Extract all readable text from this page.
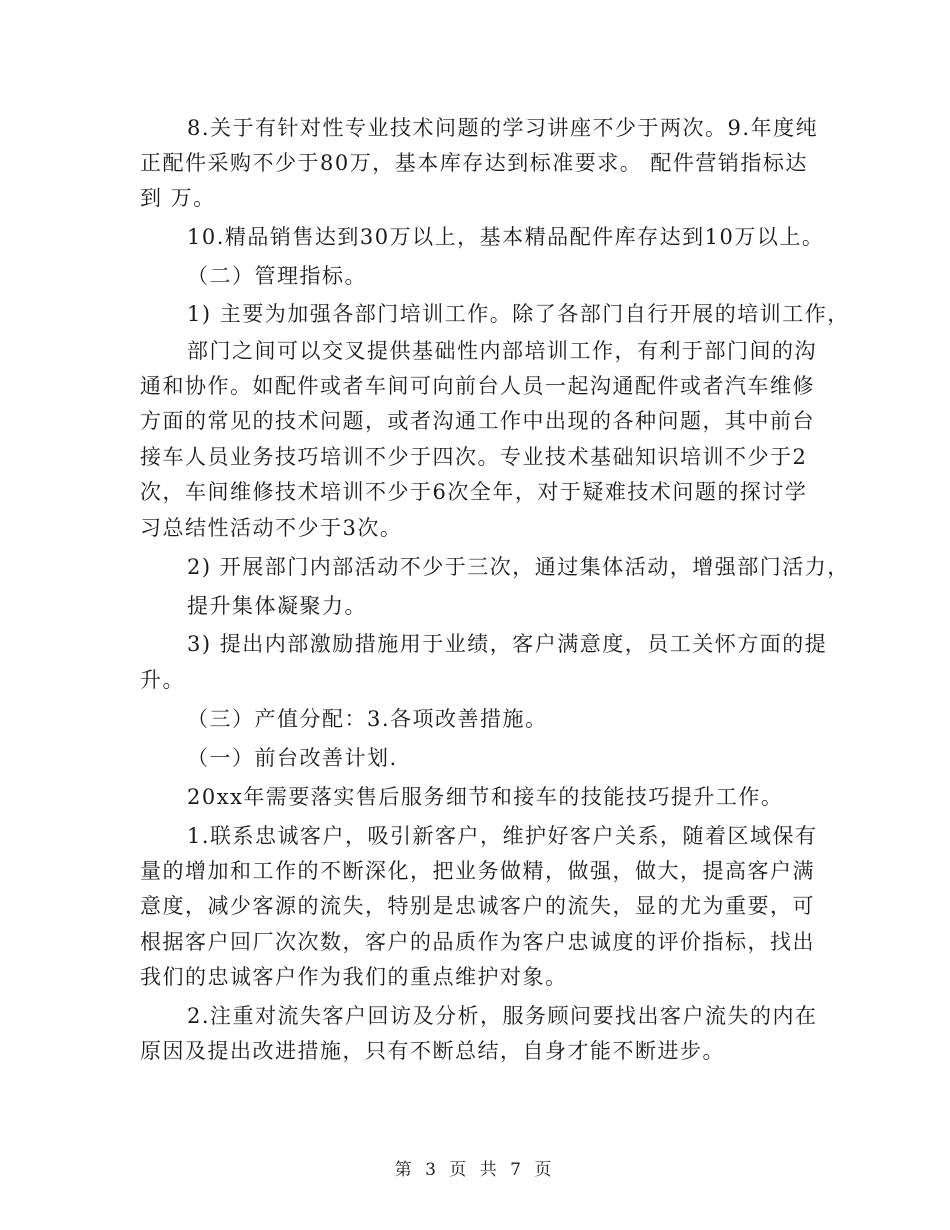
8.关于有针对性专业技术问题的学习讲座不少于两次。9.年度纯
正配件采购不少于80万，基本库存达到标准要求。 配件营销指标达
到 万。
10.精品销售达到30万以上，基本精品配件库存达到10万以上。
（二）管理指标。
1) 主要为加强各部门培训工作。除了各部门自行开展的培训工作，
部门之间可以交叉提供基础性内部培训工作，有利于部门间的沟
通和协作。如配件或者车间可向前台人员一起沟通配件或者汽车维修
方面的常见的技术问题，或者沟通工作中出现的各种问题，其中前台
接车人员业务技巧培训不少于四次。专业技术基础知识培训不少于2
次，车间维修技术培训不少于6次全年，对于疑难技术问题的探讨学
习总结性活动不少于3次。
2) 开展部门内部活动不少于三次，通过集体活动，增强部门活力，
提升集体凝聚力。
3) 提出内部激励措施用于业绩，客户满意度，员工关怀方面的提
升。
（三）产值分配：3.各项改善措施。
（一）前台改善计划.
20xx年需要落实售后服务细节和接车的技能技巧提升工作。
1.联系忠诚客户，吸引新客户，维护好客户关系，随着区域保有
量的增加和工作的不断深化，把业务做精，做强，做大，提高客户满
意度，减少客源的流失，特别是忠诚客户的流失，显的尤为重要，可
根据客户回厂次次数，客户的品质作为客户忠诚度的评价指标，找出
我们的忠诚客户作为我们的重点维护对象。
2.注重对流失客户回访及分析，服务顾问要找出客户流失的内在
原因及提出改进措施，只有不断总结，自身才能不断进步。
第 3 页 共 7 页
